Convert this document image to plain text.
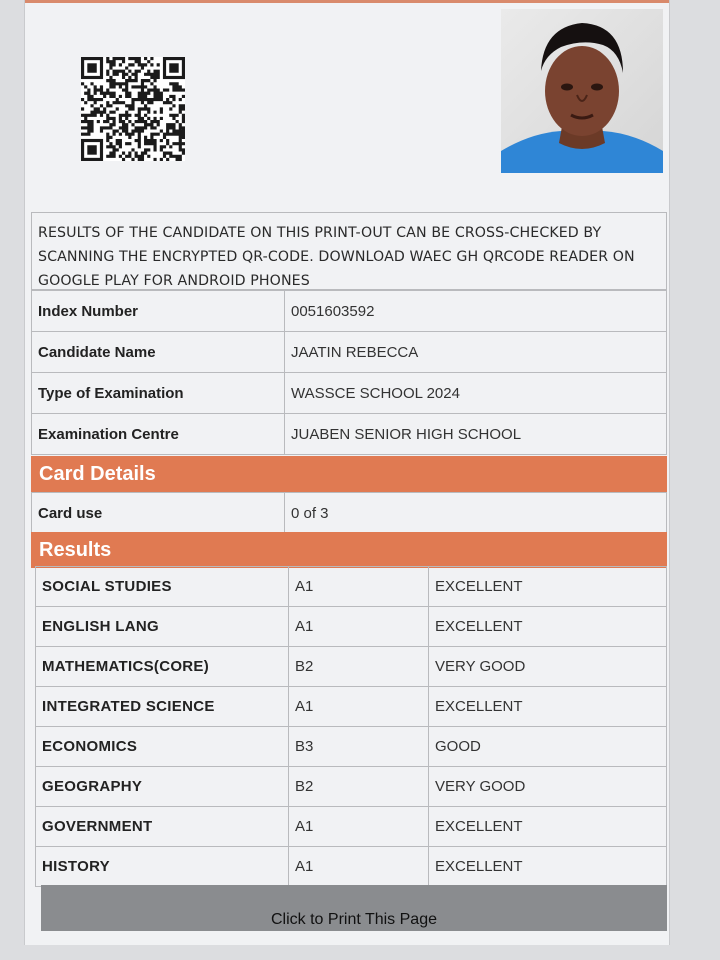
RESULTS OF THE CANDIDATE ON THIS PRINT-OUT CAN BE CROSS-CHECKED BY SCANNING THE ENCRYPTED QR-CODE. DOWNLOAD WAEC GH QRCODE READER ON GOOGLE PLAY FOR ANDROID PHONES
Index Number	0051603592
Candidate Name	JAATIN REBECCA
Type of Examination	WASSCE SCHOOL 2024
Examination Centre	JUABEN SENIOR HIGH SCHOOL
Card Details
Card use	0 of 3
Results
SOCIAL STUDIES	A1	EXCELLENT
ENGLISH LANG	A1	EXCELLENT
MATHEMATICS(CORE)	B2	VERY GOOD
INTEGRATED SCIENCE	A1	EXCELLENT
ECONOMICS	B3	GOOD
GEOGRAPHY	B2	VERY GOOD
GOVERNMENT	A1	EXCELLENT
HISTORY	A1	EXCELLENT
Click to Print This Page
